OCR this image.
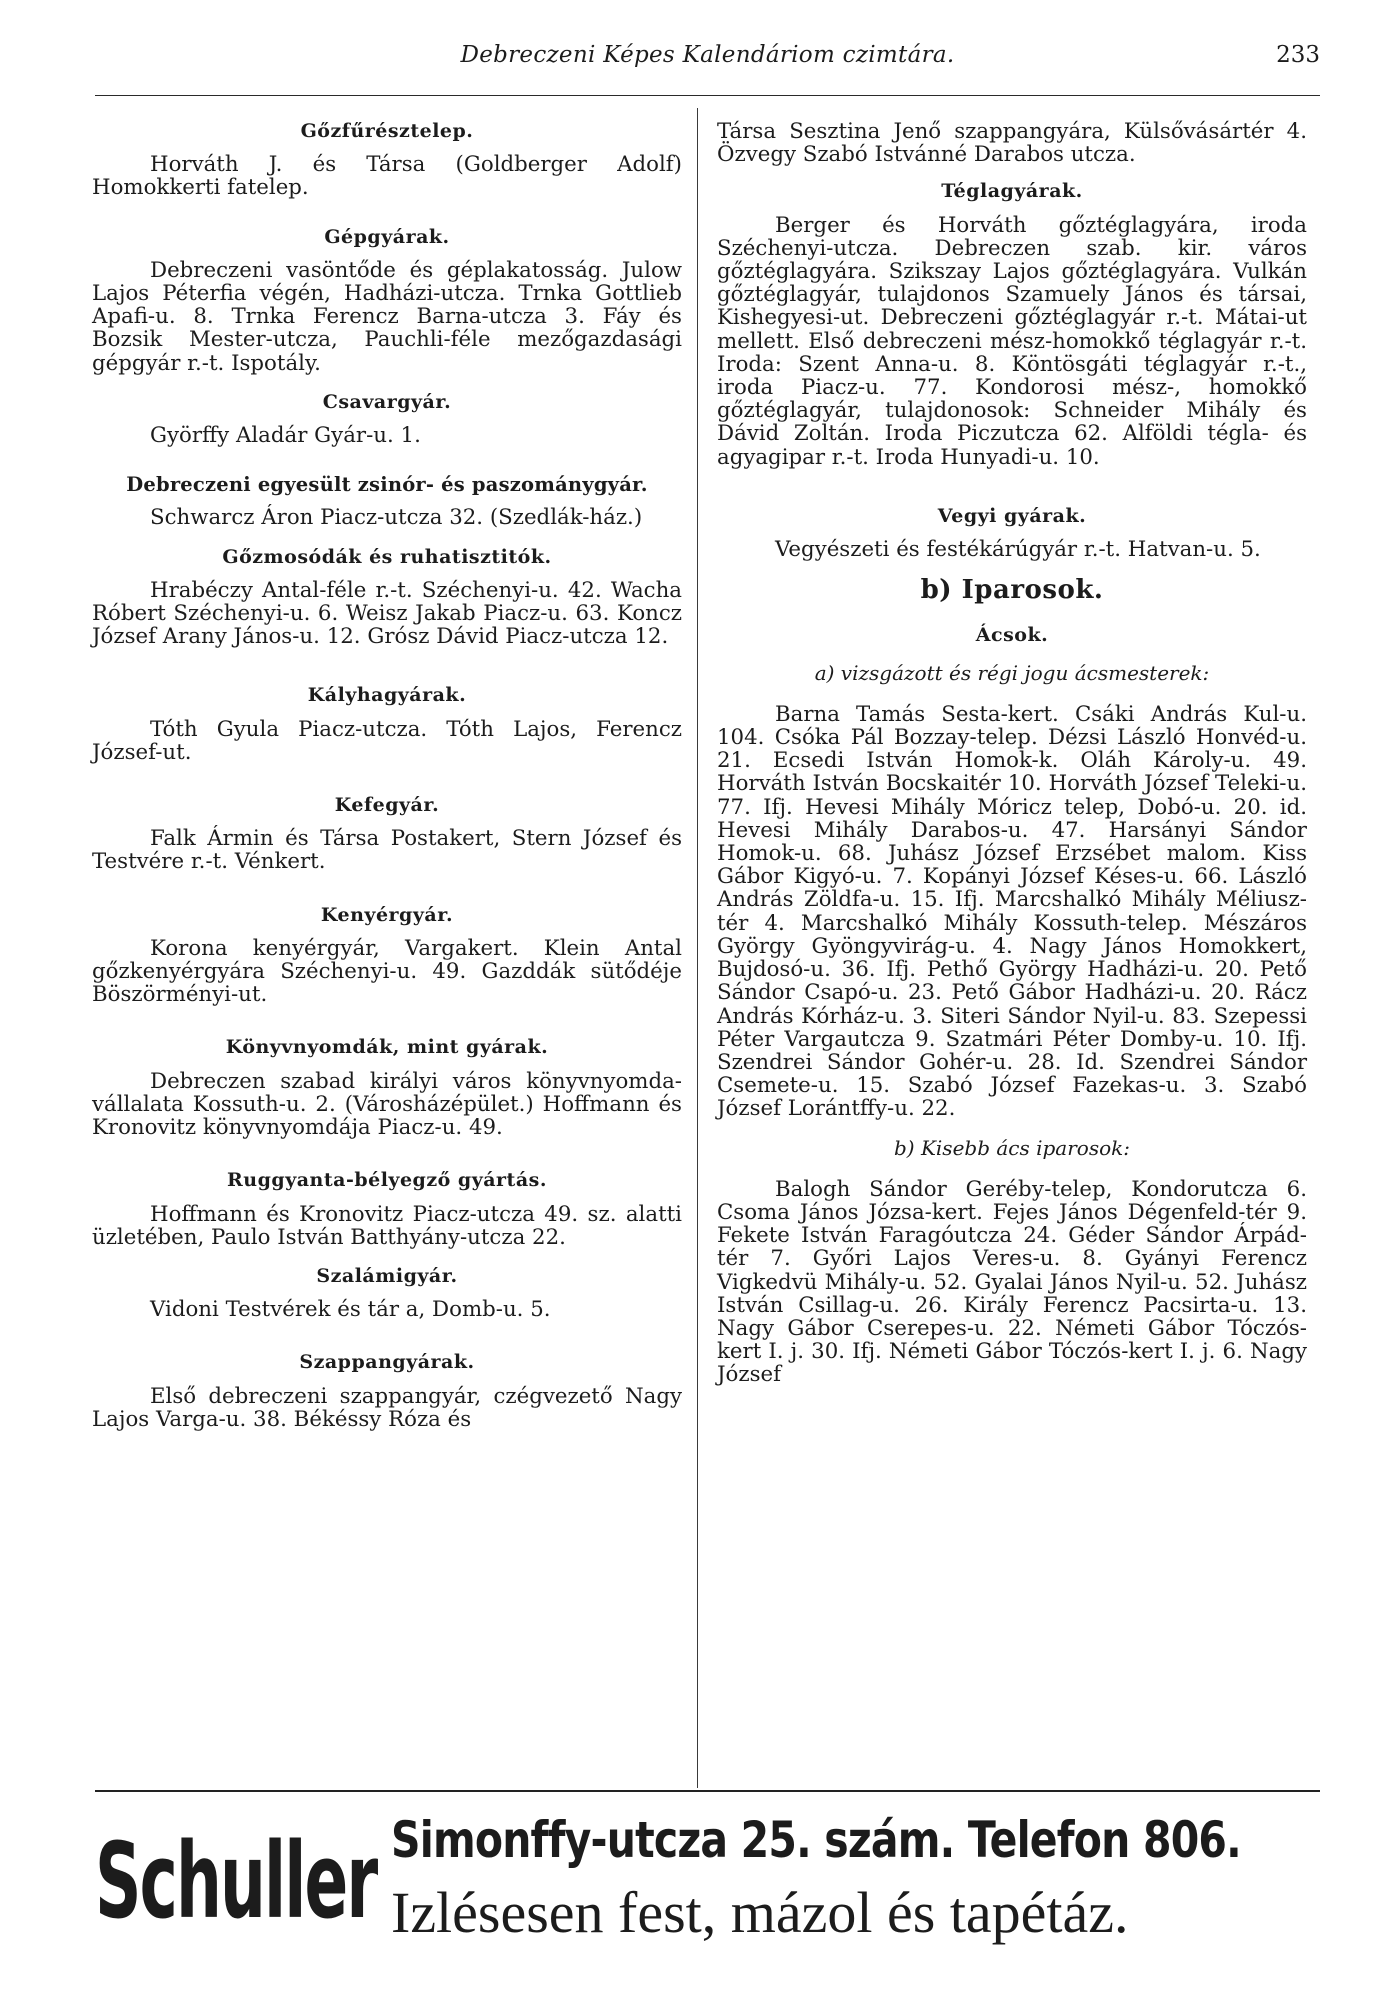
Debreczeni Képes Kalendáriom czimtára.	233
Gőzfűrésztelep.

Horváth J. és Társa (Goldberger Adolf) Homokkerti fatelep.

Gépgyárak.

Debreczeni vasöntőde és géplakatosság. Julow Lajos Péterfia végén, Hadházi-utcza. Trnka Gottlieb Apafi-u. 8. Trnka Ferencz Barna-utcza 3. Fáy és Bozsik Mester-utcza, Pauchli-féle mezőgazdasági gépgyár r.-t. Ispotály.

Csavargyár.

Györffy Aladár Gyár-u. 1.

Debreczeni egyesült zsinór- és paszománygyár.

Schwarcz Áron Piacz-utcza 32. (Szedlák-ház.)

Gőzmosódák és ruhatisztitók.

Hrabéczy Antal-féle r.-t. Széchenyi-u. 42. Wacha Róbert Széchenyi-u. 6. Weisz Jakab Piacz-u. 63. Koncz József Arany János-u. 12. Grósz Dávid Piacz-utcza 12.

Kályhagyárak.

Tóth Gyula Piacz-utcza. Tóth Lajos, Ferencz József-ut.

Kefegyár.

Falk Ármin és Társa Postakert, Stern József és Testvére r.-t. Vénkert.

Kenyérgyár.

Korona kenyérgyár, Vargakert. Klein Antal gőzkenyérgyára Széchenyi-u. 49. Gazddák sütődéje Böszörményi-ut.

Könyvnyomdák, mint gyárak.

Debreczen szabad királyi város könyvnyomda-vállalata Kossuth-u. 2. (Városházépület.) Hoffmann és Kronovitz könyvnyomdája Piacz-u. 49.

Ruggyanta-bélyegző gyártás.

Hoffmann és Kronovitz Piacz-utcza 49. sz. alatti üzletében, Paulo István Batthyány-utcza 22.

Szalámigyár.

Vidoni Testvérek és tár a, Domb-u. 5.

Szappangyárak.

Első debreczeni szappangyár, czégvezető Nagy Lajos Varga-u. 38. Békéssy Róza és

Társa Sesztina Jenő szappangyára, Külsővásártér 4. Özvegy Szabó Istvánné Darabos utcza.

Téglagyárak.

Berger és Horváth gőztéglagyára, iroda Széchenyi-utcza. Debreczen szab. kir. város gőztéglagyára. Szikszay Lajos gőztéglagyára. Vulkán gőztéglagyár, tulajdonos Szamuely János és társai, Kishegyesi-ut. Debreczeni gőztéglagyár r.-t. Mátai-ut mellett. Első debreczeni mész-homokkő téglagyár r.-t. Iroda: Szent Anna-u. 8. Köntösgáti téglagyár r.-t., iroda Piacz-u. 77. Kondorosi mész-, homokkő gőztéglagyár, tulajdonosok: Schneider Mihály és Dávid Zoltán. Iroda Piczutcza 62. Alföldi tégla- és agyagipar r.-t. Iroda Hunyadi-u. 10.

Vegyi gyárak.

Vegyészeti és festékárúgyár r.-t. Hatvan-u. 5.

b) Iparosok.
Ácsok.
a) vizsgázott és régi jogu ácsmesterek:

Barna Tamás Sesta-kert. Csáki András Kul-u. 104. Csóka Pál Bozzay-telep. Dézsi László Honvéd-u. 21. Ecsedi István Homok-k. Oláh Károly-u. 49. Horváth István Bocskaitér 10. Horváth József Teleki-u. 77. Ifj. Hevesi Mihály Móricz telep, Dobó-u. 20. id. Hevesi Mihály Darabos-u. 47. Harsányi Sándor Homok-u. 68. Juhász József Erzsébet malom. Kiss Gábor Kigyó-u. 7. Kopányi József Késes-u. 66. László András Zöldfa-u. 15. Ifj. Marcshalkó Mihály Méliusz-tér 4. Marcshalkó Mihály Kossuth-telep. Mészáros György Gyöngyvirág-u. 4. Nagy János Homokkert, Bujdosó-u. 36. Ifj. Pethő György Hadházi-u. 20. Pető Sándor Csapó-u. 23. Pető Gábor Hadházi-u. 20. Rácz András Kórház-u. 3. Siteri Sándor Nyil-u. 83. Szepessi Péter Vargautcza 9. Szatmári Péter Domby-u. 10. Ifj. Szendrei Sándor Gohér-u. 28. Id. Szendrei Sándor Csemete-u. 15. Szabó József Fazekas-u. 3. Szabó József Lorántffy-u. 22.

b) Kisebb ács iparosok:

Balogh Sándor Gerébу-telep, Kondorutcza 6. Csoma János Józsa-kert. Fejes János Dégenfeld-tér 9. Fekete István Faragóutcza 24. Géder Sándor Árpád-tér 7. Győri Lajos Veres-u. 8. Gyányi Ferencz Vigkedvü Mihály-u. 52. Gyalai János Nyil-u. 52. Juhász István Csillag-u. 26. Király Ferencz Pacsirta-u. 13. Nagy Gábor Cserepes-u. 22. Németi Gábor Tóczós-kert I. j. 30. Ifj. Németi Gábor Tóczós-kert I. j. 6. Nagy József

Schuller Simonffy-utcza 25. szám. Telefon 806.
Izlésesen fest, mázol és tapétáz.
